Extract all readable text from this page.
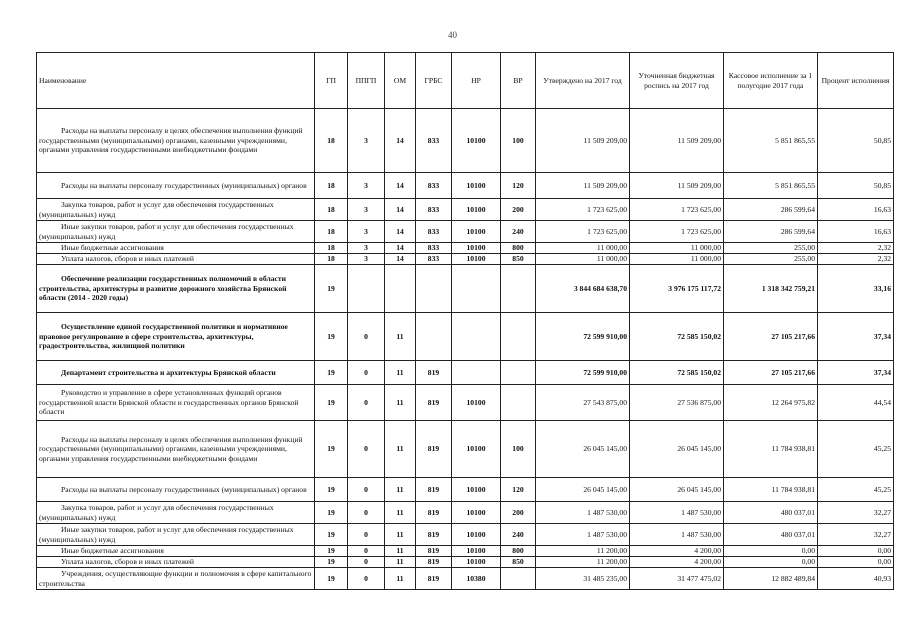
40
Наименование	ГП	ППГП	ОМ	ГРБС	НР	ВР	Утверждено на 2017 год	Уточненная бюджетная роспись на 2017 год	Кассовое исполнение за 1 полугодие 2017 года	Процент исполнения

Расходы на выплаты персоналу в целях обеспечения выполнения функций государственными (муниципальными) органами, казенными учреждениями, органами управления государственными внебюджетными фондами	18	3	14	833	10100	100	11 509 209,00	11 509 209,00	5 851 865,55	50,85

Расходы на выплаты персоналу государственных (муниципальных) органов	18	3	14	833	10100	120	11 509 209,00	11 509 209,00	5 851 865,55	50,85

Закупка товаров, работ и услуг для обеспечения государственных (муниципальных) нужд	18	3	14	833	10100	200	1 723 625,00	1 723 625,00	286 599,64	16,63

Иные закупки товаров, работ и услуг для обеспечения государственных (муниципальных) нужд	18	3	14	833	10100	240	1 723 625,00	1 723 625,00	286 599,64	16,63

Иные бюджетные ассигнования	18	3	14	833	10100	800	11 000,00	11 000,00	255,00	2,32

Уплата налогов, сборов и иных платежей	18	3	14	833	10100	850	11 000,00	11 000,00	255,00	2,32

Обеспечение реализации государственных полномочий в области строительства, архитектуры и развитие дорожного хозяйства Брянской области (2014 - 2020 годы)	19						3 844 684 638,70	3 976 175 117,72	1 318 342 759,21	33,16

Осуществление единой государственной политики и нормативное правовое регулирование в сфере строительства, архитектуры, градостроительства, жилищной политики	19	0	11				72 599 910,00	72 585 150,02	27 105 217,66	37,34

Департамент строительства и архитектуры Брянской области	19	0	11	819			72 599 910,00	72 585 150,02	27 105 217,66	37,34

Руководство и управление в сфере установленных функций органов государственной власти Брянской области и государственных органов Брянской области	19	0	11	819	10100		27 543 875,00	27 536 875,00	12 264 975,82	44,54

Расходы на выплаты персоналу в целях обеспечения выполнения функций государственными (муниципальными) органами, казенными учреждениями, органами управления государственными внебюджетными фондами	19	0	11	819	10100	100	26 045 145,00	26 045 145,00	11 784 938,81	45,25

Расходы на выплаты персоналу государственных (муниципальных) органов	19	0	11	819	10100	120	26 045 145,00	26 045 145,00	11 784 938,81	45,25

Закупка товаров, работ и услуг для обеспечения государственных (муниципальных) нужд	19	0	11	819	10100	200	1 487 530,00	1 487 530,00	480 037,01	32,27

Иные закупки товаров, работ и услуг для обеспечения государственных (муниципальных) нужд	19	0	11	819	10100	240	1 487 530,00	1 487 530,00	480 037,01	32,27

Иные бюджетные ассигнования	19	0	11	819	10100	800	11 200,00	4 200,00	0,00	0,00

Уплата налогов, сборов и иных платежей	19	0	11	819	10100	850	11 200,00	4 200,00	0,00	0,00

Учреждения, осуществляющие функции и полномочия в сфере капитального строительства	19	0	11	819	10380		31 485 235,00	31 477 475,02	12 882 489,84	40,93
